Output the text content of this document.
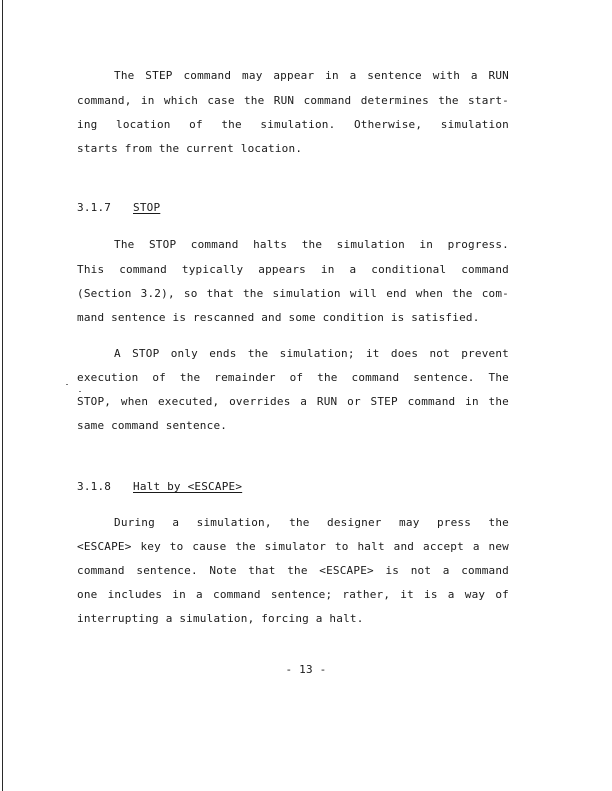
The STEP command may appear in a sentence with a RUN
command, in which case the RUN command determines the start-
ing location of the simulation. Otherwise, simulation
starts from the current location.
3.1.7 STOP
The STOP command halts the simulation in progress.
This command typically appears in a conditional command
(Section 3.2), so that the simulation will end when the com-
mand sentence is rescanned and some condition is satisfied.
A STOP only ends the simulation; it does not prevent
execution of the remainder of the command sentence. The
STOP, when executed, overrides a RUN or STEP command in the
same command sentence.
3.1.8 Halt by <ESCAPE>
During a simulation, the designer may press the
<ESCAPE> key to cause the simulator to halt and accept a new
command sentence. Note that the <ESCAPE> is not a command
one includes in a command sentence; rather, it is a way of
interrupting a simulation, forcing a halt.
- 13 -
